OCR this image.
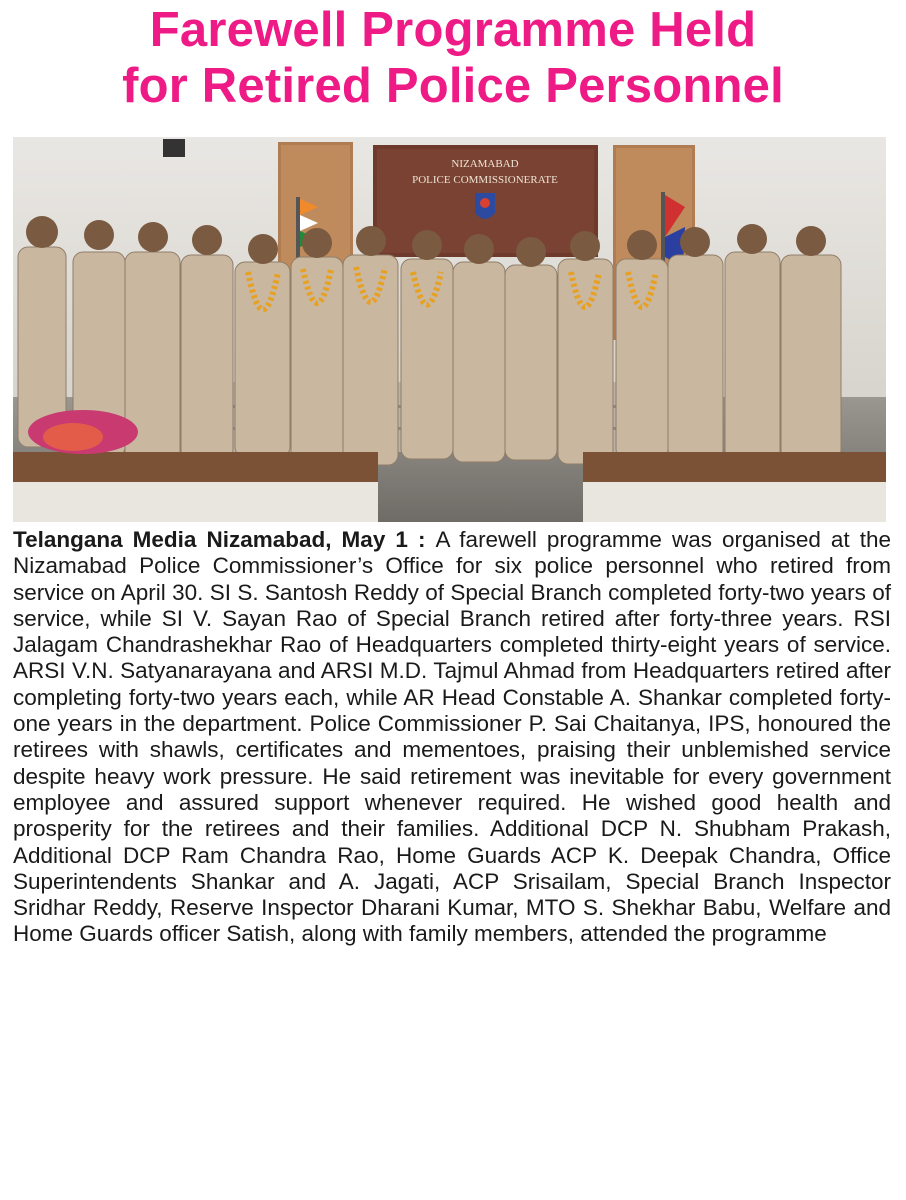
Farewell Programme Held
for Retired Police Personnel
NIZAMABAD
POLICE COMMISSIONERATE
Telangana Media Nizamabad, May 1 : A farewell programme was organised at the Nizamabad Police Commissioner’s Office for six police personnel who retired from service on April 30. SI S. Santosh Reddy of Special Branch completed forty-two years of service, while SI V. Sayan Rao of Special Branch retired after forty-three years. RSI Jalagam Chandrashekhar Rao of Headquarters completed thirty-eight years of service. ARSI V.N. Satyanarayana and ARSI M.D. Tajmul Ahmad from Headquarters retired after completing forty-two years each, while AR Head Constable A. Shankar completed forty-one years in the department. Police Commissioner P. Sai Chaitanya, IPS, honoured the retirees with shawls, certificates and mementoes, praising their unblemished service despite heavy work pressure. He said retirement was inevitable for every government employee and assured support whenever required. He wished good health and prosperity for the retirees and their families. Additional DCP N. Shubham Prakash, Additional DCP Ram Chandra Rao, Home Guards ACP K. Deepak Chandra, Office Superintendents Shankar and A. Jagati, ACP Srisailam, Special Branch Inspector Sridhar Reddy, Reserve Inspector Dharani Kumar, MTO S. Shekhar Babu, Welfare and Home Guards officer Satish, along with family members, attended the programme
